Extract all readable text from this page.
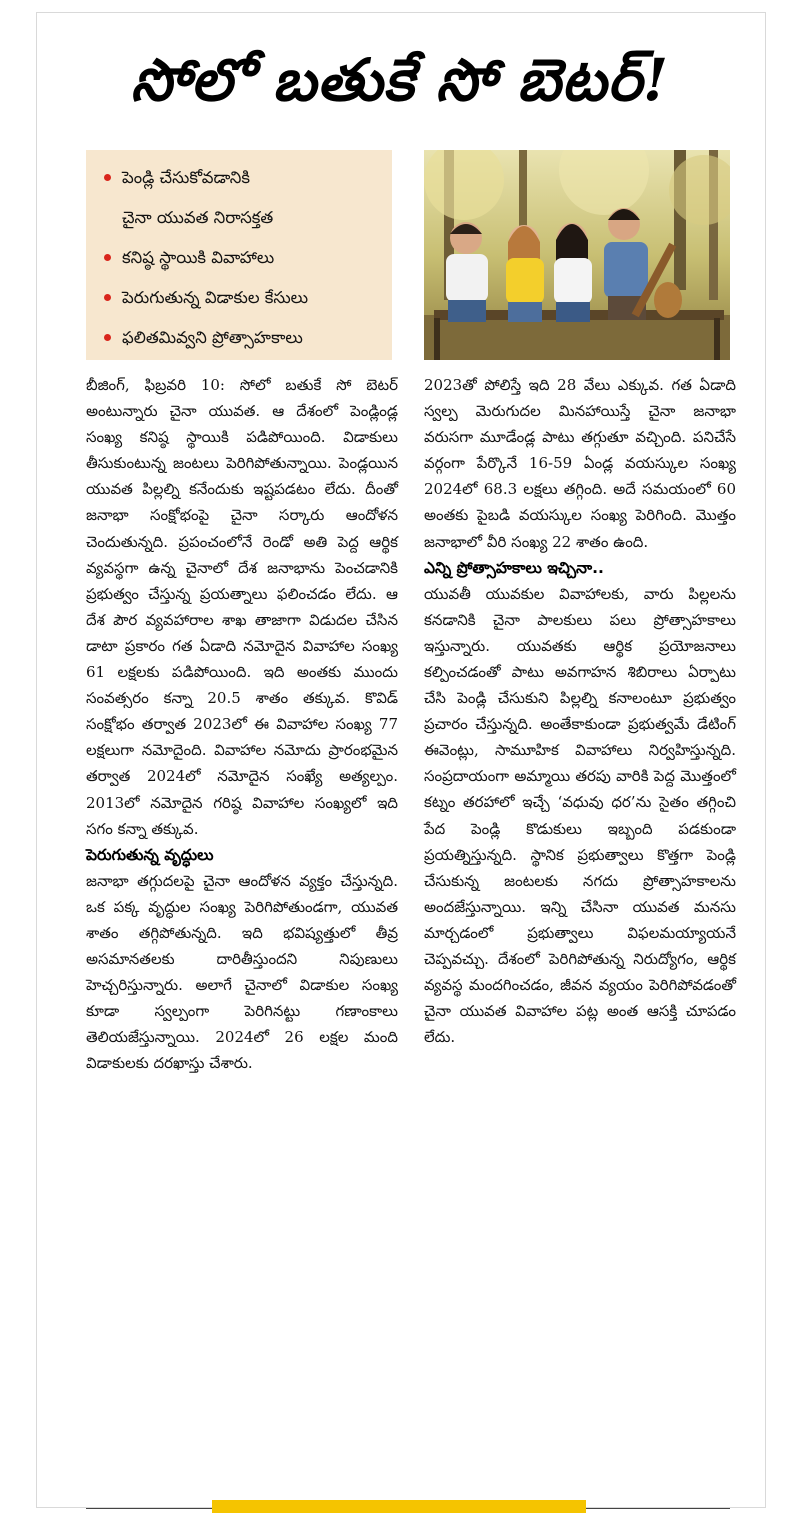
సోలో బతుకే సో బెటర్‌!
పెండ్లి చేసుకోవడానికి
చైనా యువత నిరాసక్తత
కనిష్ఠ స్థాయికి వివాహాలు
పెరుగుతున్న విడాకుల కేసులు
ఫలితమివ్వని ప్రోత్సాహకాలు

బీజింగ్‌, ఫిబ్రవరి 10: సోలో బతుకే సో బెటర్‌ అంటున్నారు చైనా యువత. ఆ దేశంలో పెండ్లిండ్ల సంఖ్య కనిష్ఠ స్థాయికి పడిపోయింది. విడాకులు తీసుకుంటున్న జంటలు పెరిగిపోతున్నాయి. పెండ్లయిన యువత పిల్లల్ని కనేందుకు ఇష్టపడటం లేదు. దీంతో జనాభా సంక్షోభంపై చైనా సర్కారు ఆందోళన చెందుతున్నది. ప్రపంచంలోనే రెండో అతి పెద్ద ఆర్థిక వ్యవస్థగా ఉన్న చైనాలో దేశ జనాభాను పెంచడానికి ప్రభుత్వం చేస్తున్న ప్రయత్నాలు ఫలించడం లేదు. ఆ దేశ పౌర వ్యవహారాల శాఖ తాజాగా విడుదల చేసిన డాటా ప్రకారం గత ఏడాది నమోదైన వివాహాల సంఖ్య 61 లక్షలకు పడిపోయింది. ఇది అంతకు ముందు సంవత్సరం కన్నా 20.5 శాతం తక్కువ. కొవిడ్‌ సంక్షోభం తర్వాత 2023లో ఈ వివాహాల సంఖ్య 77 లక్షలుగా నమోదైంది. వివాహాల నమోదు ప్రారంభమైన తర్వాత 2024లో నమోదైన సంఖ్యే అత్యల్పం. 2013లో నమోదైన గరిష్ఠ వివాహాల సంఖ్యలో ఇది సగం కన్నా తక్కువ.

పెరుగుతున్న వృద్ధులు

జనాభా తగ్గుదలపై చైనా ఆందోళన వ్యక్తం చేస్తున్నది. ఒక పక్క వృద్ధుల సంఖ్య పెరిగిపోతుండగా, యువత శాతం తగ్గిపోతున్నది. ఇది భవిష్యత్తులో తీవ్ర అసమానతలకు దారితీస్తుందని నిపుణులు హెచ్చరిస్తున్నారు. అలాగే చైనాలో విడాకుల సంఖ్య కూడా స్వల్పంగా పెరిగినట్టు గణాంకాలు తెలియజేస్తున్నాయి. 2024లో 26 లక్షల మంది విడాకులకు దరఖాస్తు చేశారు.

2023తో పోలిస్తే ఇది 28 వేలు ఎక్కువ. గత ఏడాది స్వల్ప మెరుగుదల మినహాయిస్తే చైనా జనాభా వరుసగా మూడేండ్ల పాటు తగ్గుతూ వచ్చింది. పనిచేసే వర్గంగా పేర్కొనే 16-59 ఏండ్ల వయస్కుల సంఖ్య 2024లో 68.3 లక్షలు తగ్గింది. అదే సమయంలో 60 అంతకు పైబడి వయస్కుల సంఖ్య పెరిగింది. మొత్తం జనాభాలో వీరి సంఖ్య 22 శాతం ఉంది.

ఎన్ని ప్రోత్సాహకాలు ఇచ్చినా..

యువతీ యువకుల వివాహాలకు, వారు పిల్లలను కనడానికి చైనా పాలకులు పలు ప్రోత్సాహకాలు ఇస్తున్నారు. యువతకు ఆర్థిక ప్రయోజనాలు కల్పించడంతో పాటు అవగాహన శిబిరాలు ఏర్పాటు చేసి పెండ్లి చేసుకుని పిల్లల్ని కనాలంటూ ప్రభుత్వం ప్రచారం చేస్తున్నది. అంతేకాకుండా ప్రభుత్వమే డేటింగ్‌ ఈవెంట్లు, సామూహిక వివాహాలు నిర్వహిస్తున్నది. సంప్రదాయంగా అమ్మాయి తరపు వారికి పెద్ద మొత్తంలో కట్నం తరహాలో ఇచ్చే ‘వధువు ధర’ను సైతం తగ్గించి పేద పెండ్లి కొడుకులు ఇబ్బంది పడకుండా ప్రయత్నిస్తున్నది. స్థానిక ప్రభుత్వాలు కొత్తగా పెండ్లి చేసుకున్న జంటలకు నగదు ప్రోత్సాహకాలను అందజేస్తున్నాయి. ఇన్ని చేసినా యువత మనసు మార్చడంలో ప్రభుత్వాలు విఫలమయ్యాయనే చెప్పవచ్చు. దేశంలో పెరిగిపోతున్న నిరుద్యోగం, ఆర్థిక వ్యవస్థ మందగించడం, జీవన వ్యయం పెరిగిపోవడంతో చైనా యువత వివాహాల పట్ల అంత ఆసక్తి చూపడం లేదు.
